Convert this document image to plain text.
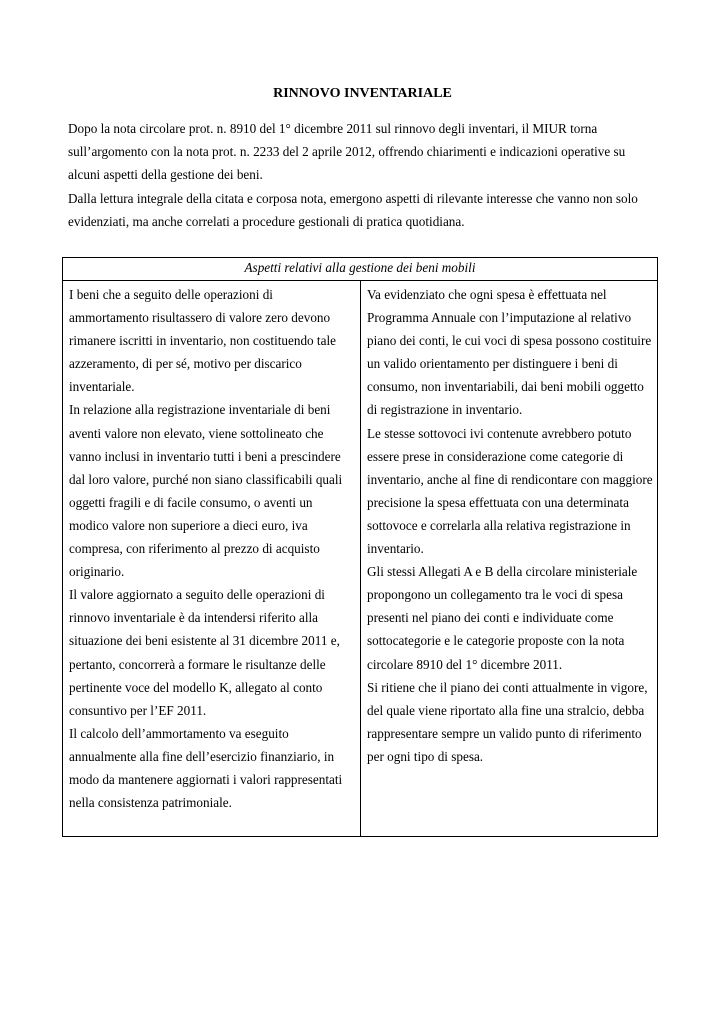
RINNOVO INVENTARIALE

Dopo la nota circolare prot. n. 8910 del 1° dicembre 2011 sul rinnovo degli inventari, il MIUR torna sull’argomento con la nota prot. n. 2233 del 2 aprile 2012, offrendo chiarimenti e indicazioni operative su alcuni aspetti della gestione dei beni.

Dalla lettura integrale della citata e corposa nota, emergono aspetti di rilevante interesse che vanno non solo evidenziati, ma anche correlati a procedure gestionali di pratica quotidiana.

Aspetti relativi alla gestione dei beni mobili

I beni che a seguito delle operazioni di ammortamento risultassero di valore zero devono rimanere iscritti in inventario, non costituendo tale azzeramento, di per sé, motivo per discarico inventariale.

In relazione alla registrazione inventariale di beni aventi valore non elevato, viene sottolineato che vanno inclusi in inventario tutti i beni a prescindere dal loro valore, purché non siano classificabili quali oggetti fragili e di facile consumo, o aventi un modico valore non superiore a dieci euro, iva compresa, con riferimento al prezzo di acquisto originario.

Il valore aggiornato a seguito delle operazioni di rinnovo inventariale è da intendersi riferito alla situazione dei beni esistente al 31 dicembre 2011 e, pertanto, concorrerà a formare le risultanze delle pertinente voce del modello K, allegato al conto consuntivo per l’EF 2011.

Il calcolo dell’ammortamento va eseguito annualmente alla fine dell’esercizio finanziario, in modo da mantenere aggiornati i valori rappresentati nella consistenza patrimoniale.

Va evidenziato che ogni spesa è effettuata nel Programma Annuale con l’imputazione al relativo piano dei conti, le cui voci di spesa possono costituire un valido orientamento per distinguere i beni di consumo, non inventariabili, dai beni mobili oggetto di registrazione in inventario.

Le stesse sottovoci ivi contenute avrebbero potuto essere prese in considerazione come categorie di inventario, anche al fine di rendicontare con maggiore precisione la spesa effettuata con una determinata sottovoce e correlarla alla relativa registrazione in inventario.

Gli stessi Allegati A e B della circolare ministeriale propongono un collegamento tra le voci di spesa presenti nel piano dei conti e individuate come sottocategorie e le categorie proposte con la nota circolare 8910 del 1° dicembre 2011.

Si ritiene che il piano dei conti attualmente in vigore, del quale viene riportato alla fine una stralcio, debba rappresentare sempre un valido punto di riferimento per ogni tipo di spesa.
